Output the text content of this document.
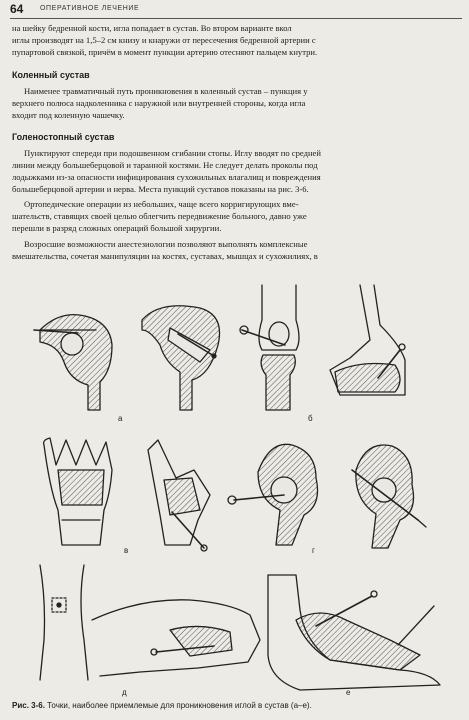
64 ОПЕРАТИВНОЕ ЛЕЧЕНИЕ
на шейку бедренной кости, игла попадает в сустав. Во втором варианте вкол
иглы производят на 1,5–2 см книзу и кнаружи от пересечения бедренной артерии с
пупартовой связкой, причём в момент пункции артерию отесняют пальцем кнутри.
Коленный сустав
Наименее травматичный путь проникновения в коленный сустав – пункция у
верхнего полюса надколенника с наружной или внутренней стороны, когда игла
входит под коленную чашечку.
Голеностопный сустав
Пунктируют спереди при подошвенном сгибании стопы. Иглу вводят по средней
линии между большеберцовой и таранной костями. Не следует делать проколы под
лодыжками из-за опасности инфицирования сухожильных влагалищ и повреждения
большеберцовой артерии и нерва. Места пункций суставов показаны на рис. 3-6.
Ортопедические операции из небольших, чаще всего корригирующих вме-
шательств, ставящих своей целью облегчить передвижение больного, давно уже
перешли в разряд сложных операций большой хирургии.
Возросшие возможности анестезиологии позволяют выполнять комплексные
вмешательства, сочетая манипуляции на костях, суставах, мышцах и сухожилиях, в
а	б
в	г
д	е
Рис. 3-6. Точки, наиболее приемлемые для проникновения иглой в сустав (а–е).
